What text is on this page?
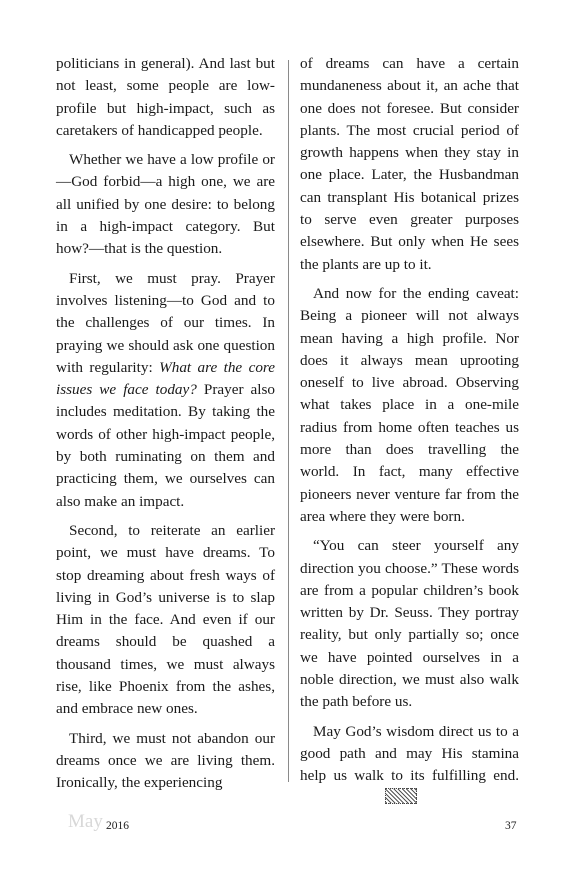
politicians in general). And last but not least, some people are low-profile but high-impact, such as caretakers of handicapped people.

Whether we have a low profile or—God forbid—a high one, we are all unified by one desire: to belong in a high-impact category. But how?—that is the question.

First, we must pray. Prayer involves listening—to God and to the challenges of our times. In praying we should ask one question with regularity: What are the core issues we face today? Prayer also includes meditation. By taking the words of other high-impact people, by both ruminating on them and practicing them, we ourselves can also make an impact.

Second, to reiterate an earlier point, we must have dreams. To stop dreaming about fresh ways of living in God’s universe is to slap Him in the face. And even if our dreams should be quashed a thousand times, we must always rise, like Phoenix from the ashes, and embrace new ones.

Third, we must not abandon our dreams once we are living them. Ironically, the experiencing

of dreams can have a certain mundaneness about it, an ache that one does not foresee. But consider plants. The most crucial period of growth happens when they stay in one place. Later, the Husbandman can transplant His botanical prizes to serve even greater purposes elsewhere. But only when He sees the plants are up to it.

And now for the ending caveat: Being a pioneer will not always mean having a high profile. Nor does it always mean uprooting oneself to live abroad. Observing what takes place in a one-mile radius from home often teaches us more than does travelling the world. In fact, many effective pioneers never venture far from the area where they were born.

“You can steer yourself any direction you choose.” These words are from a popular children’s book written by Dr. Seuss. They portray reality, but only partially so; once we have pointed ourselves in a noble direction, we must also walk the path before us.

May God’s wisdom direct us to a good path and may His stamina help us walk to its fulfilling end.

May 2016	37
